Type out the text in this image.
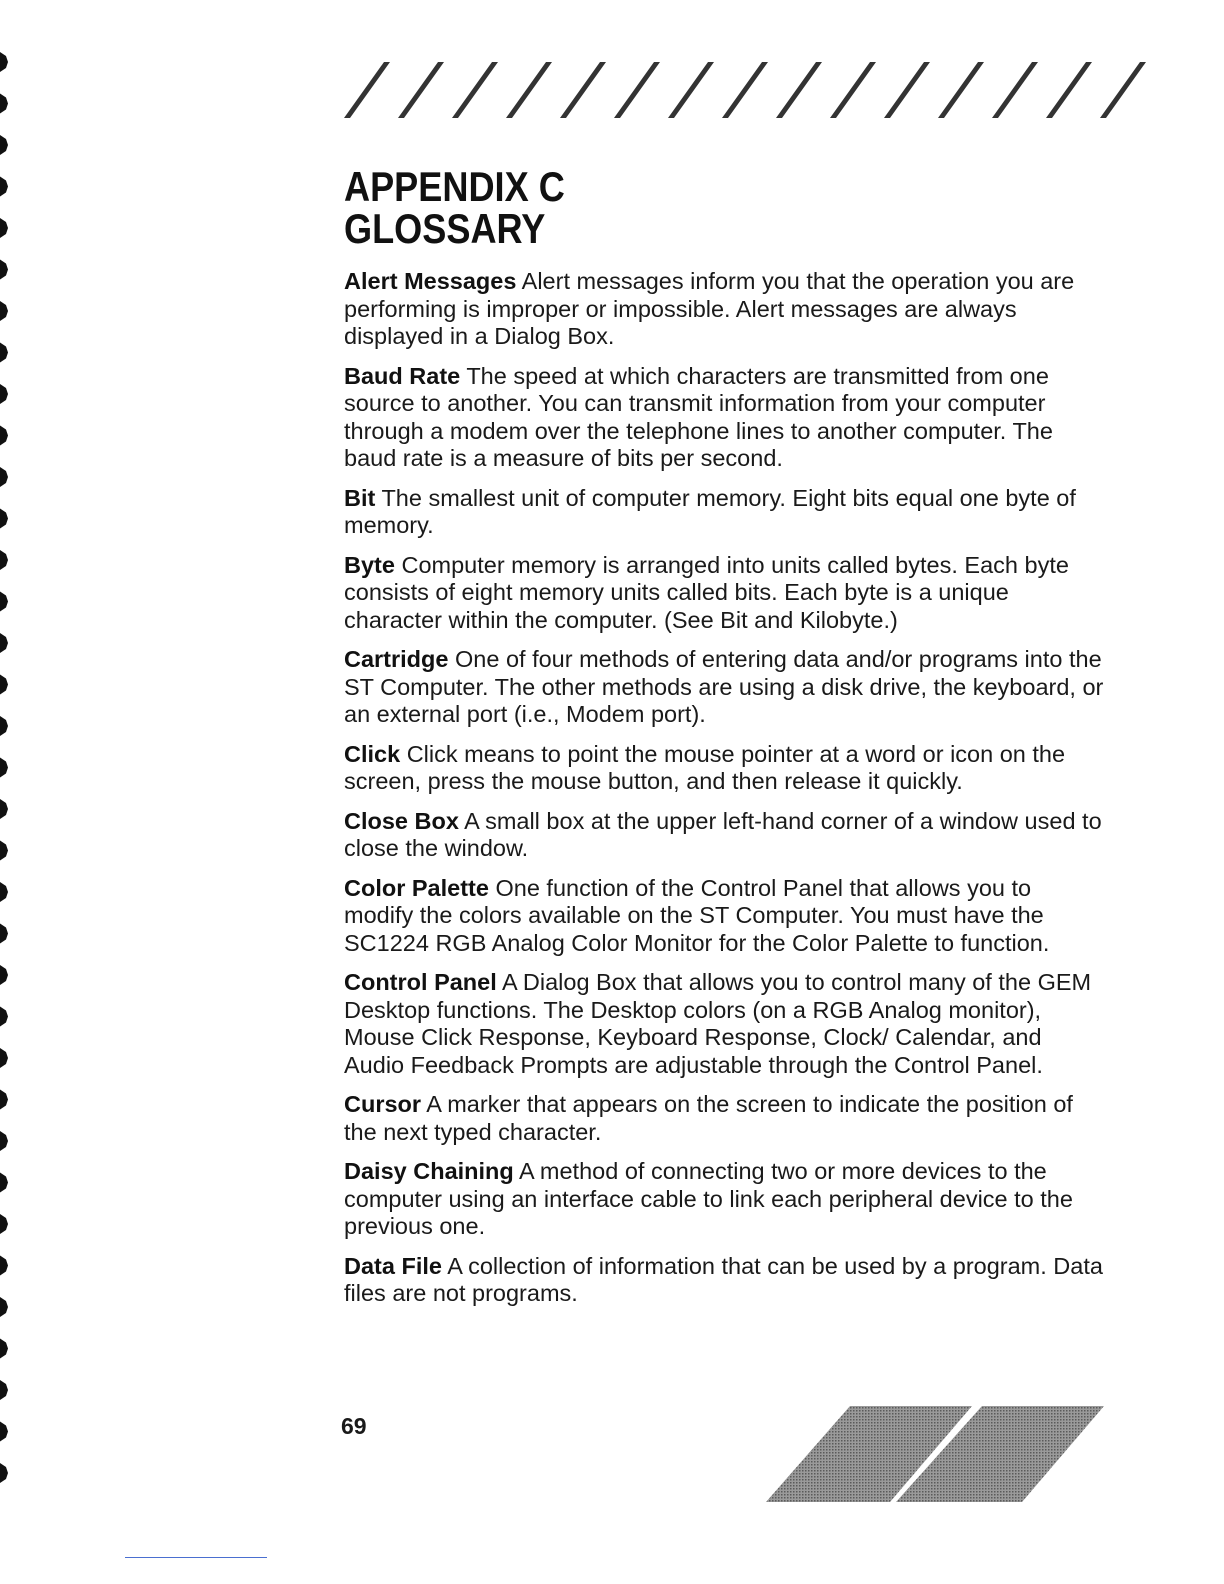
APPENDIX C
GLOSSARY

Alert Messages Alert messages inform you that the operation you are performing is improper or impossible. Alert messages are always displayed in a Dialog Box.

Baud Rate The speed at which characters are transmitted from one source to another. You can transmit information from your computer through a modem over the telephone lines to another computer. The baud rate is a measure of bits per second.

Bit The smallest unit of computer memory. Eight bits equal one byte of memory.

Byte Computer memory is arranged into units called bytes. Each byte consists of eight memory units called bits. Each byte is a unique character within the computer. (See Bit and Kilobyte.)

Cartridge One of four methods of entering data and/or programs into the ST Computer. The other methods are using a disk drive, the keyboard, or an external port (i.e., Modem port).

Click Click means to point the mouse pointer at a word or icon on the screen, press the mouse button, and then release it quickly.

Close Box A small box at the upper left-hand corner of a window used to close the window.

Color Palette One function of the Control Panel that allows you to modify the colors available on the ST Computer. You must have the SC1224 RGB Analog Color Monitor for the Color Palette to function.

Control Panel A Dialog Box that allows you to control many of the GEM Desktop functions. The Desktop colors (on a RGB Analog monitor), Mouse Click Response, Keyboard Response, Clock/ Calendar, and Audio Feedback Prompts are adjustable through the Control Panel.

Cursor A marker that appears on the screen to indicate the position of the next typed character.

Daisy Chaining A method of connecting two or more devices to the computer using an interface cable to link each peripheral device to the previous one.

Data File A collection of information that can be used by a program. Data files are not programs.

69
